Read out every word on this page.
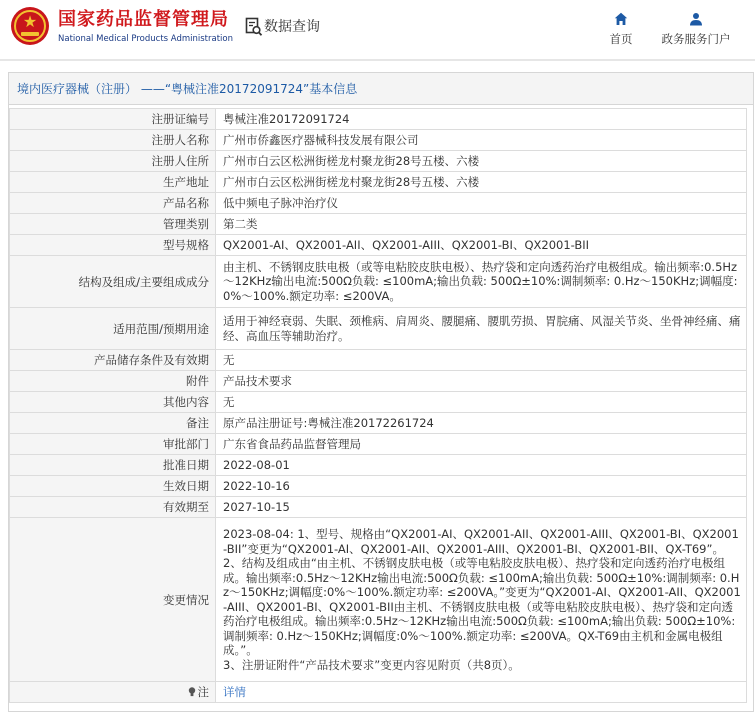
★	国家药品监督管理局
National Medical Products Administration
数据查询
首页	政务服务门户
境内医疗器械（注册） ——“粤械注准20172091724”基本信息
注册证编号	粤械注准20172091724
注册人名称	广州市侨鑫医疗器械科技发展有限公司
注册人住所	广州市白云区松洲街槎龙村聚龙街28号五楼、六楼
生产地址	广州市白云区松洲街槎龙村聚龙街28号五楼、六楼
产品名称	低中频电子脉冲治疗仪
管理类别	第二类
型号规格	QX2001-AI、QX2001-AII、QX2001-AIII、QX2001-BI、QX2001-BII
结构及组成/主要组成成分	由主机、不锈钢皮肤电极（或等电粘胶皮肤电极）、热疗袋和定向透药治疗电极组成。输出频率:0.5Hz～12KHz输出电流:500Ω负载: ≤100mA;输出负载: 500Ω±10%:调制频率: 0.Hz～150KHz;调幅度:0%～100%.额定功率: ≤200VA。
适用范围/预期用途	适用于神经衰弱、失眠、颈椎病、肩周炎、腰腿痛、腰肌劳损、胃脘痛、风湿关节炎、坐骨神经痛、痛经、高血压等辅助治疗。
产品储存条件及有效期	无
附件	产品技术要求
其他内容	无
备注	原产品注册证号:粤械注准20172261724
审批部门	广东省食品药品监督管理局
批准日期	2022-08-01
生效日期	2022-10-16
有效期至	2027-10-15
变更情况	2023-08-04: 1、型号、规格由“QX2001-AI、QX2001-AII、QX2001-AIII、QX2001-BI、QX2001-BII”变更为“QX2001-AI、QX2001-AII、QX2001-AIII、QX2001-BI、QX2001-BII、QX-T69”。
2、结构及组成由“由主机、不锈钢皮肤电极（或等电粘胶皮肤电极）、热疗袋和定向透药治疗电极组成。输出频率:0.5Hz～12KHz输出电流:500Ω负载: ≤100mA;输出负载: 500Ω±10%:调制频率: 0.Hz～150KHz;调幅度:0%～100%.额定功率: ≤200VA。”变更为“QX2001-AI、QX2001-AII、QX2001-AIII、QX2001-BI、QX2001-BII由主机、不锈钢皮肤电极（或等电粘胶皮肤电极）、热疗袋和定向透药治疗电极组成。输出频率:0.5Hz～12KHz输出电流:500Ω负载: ≤100mA;输出负载: 500Ω±10%:调制频率: 0.Hz～150KHz;调幅度:0%～100%.额定功率: ≤200VA。QX-T69由主机和金属电极组成。”。
3、注册证附件“产品技术要求”变更内容见附页（共8页）。

注	详情
